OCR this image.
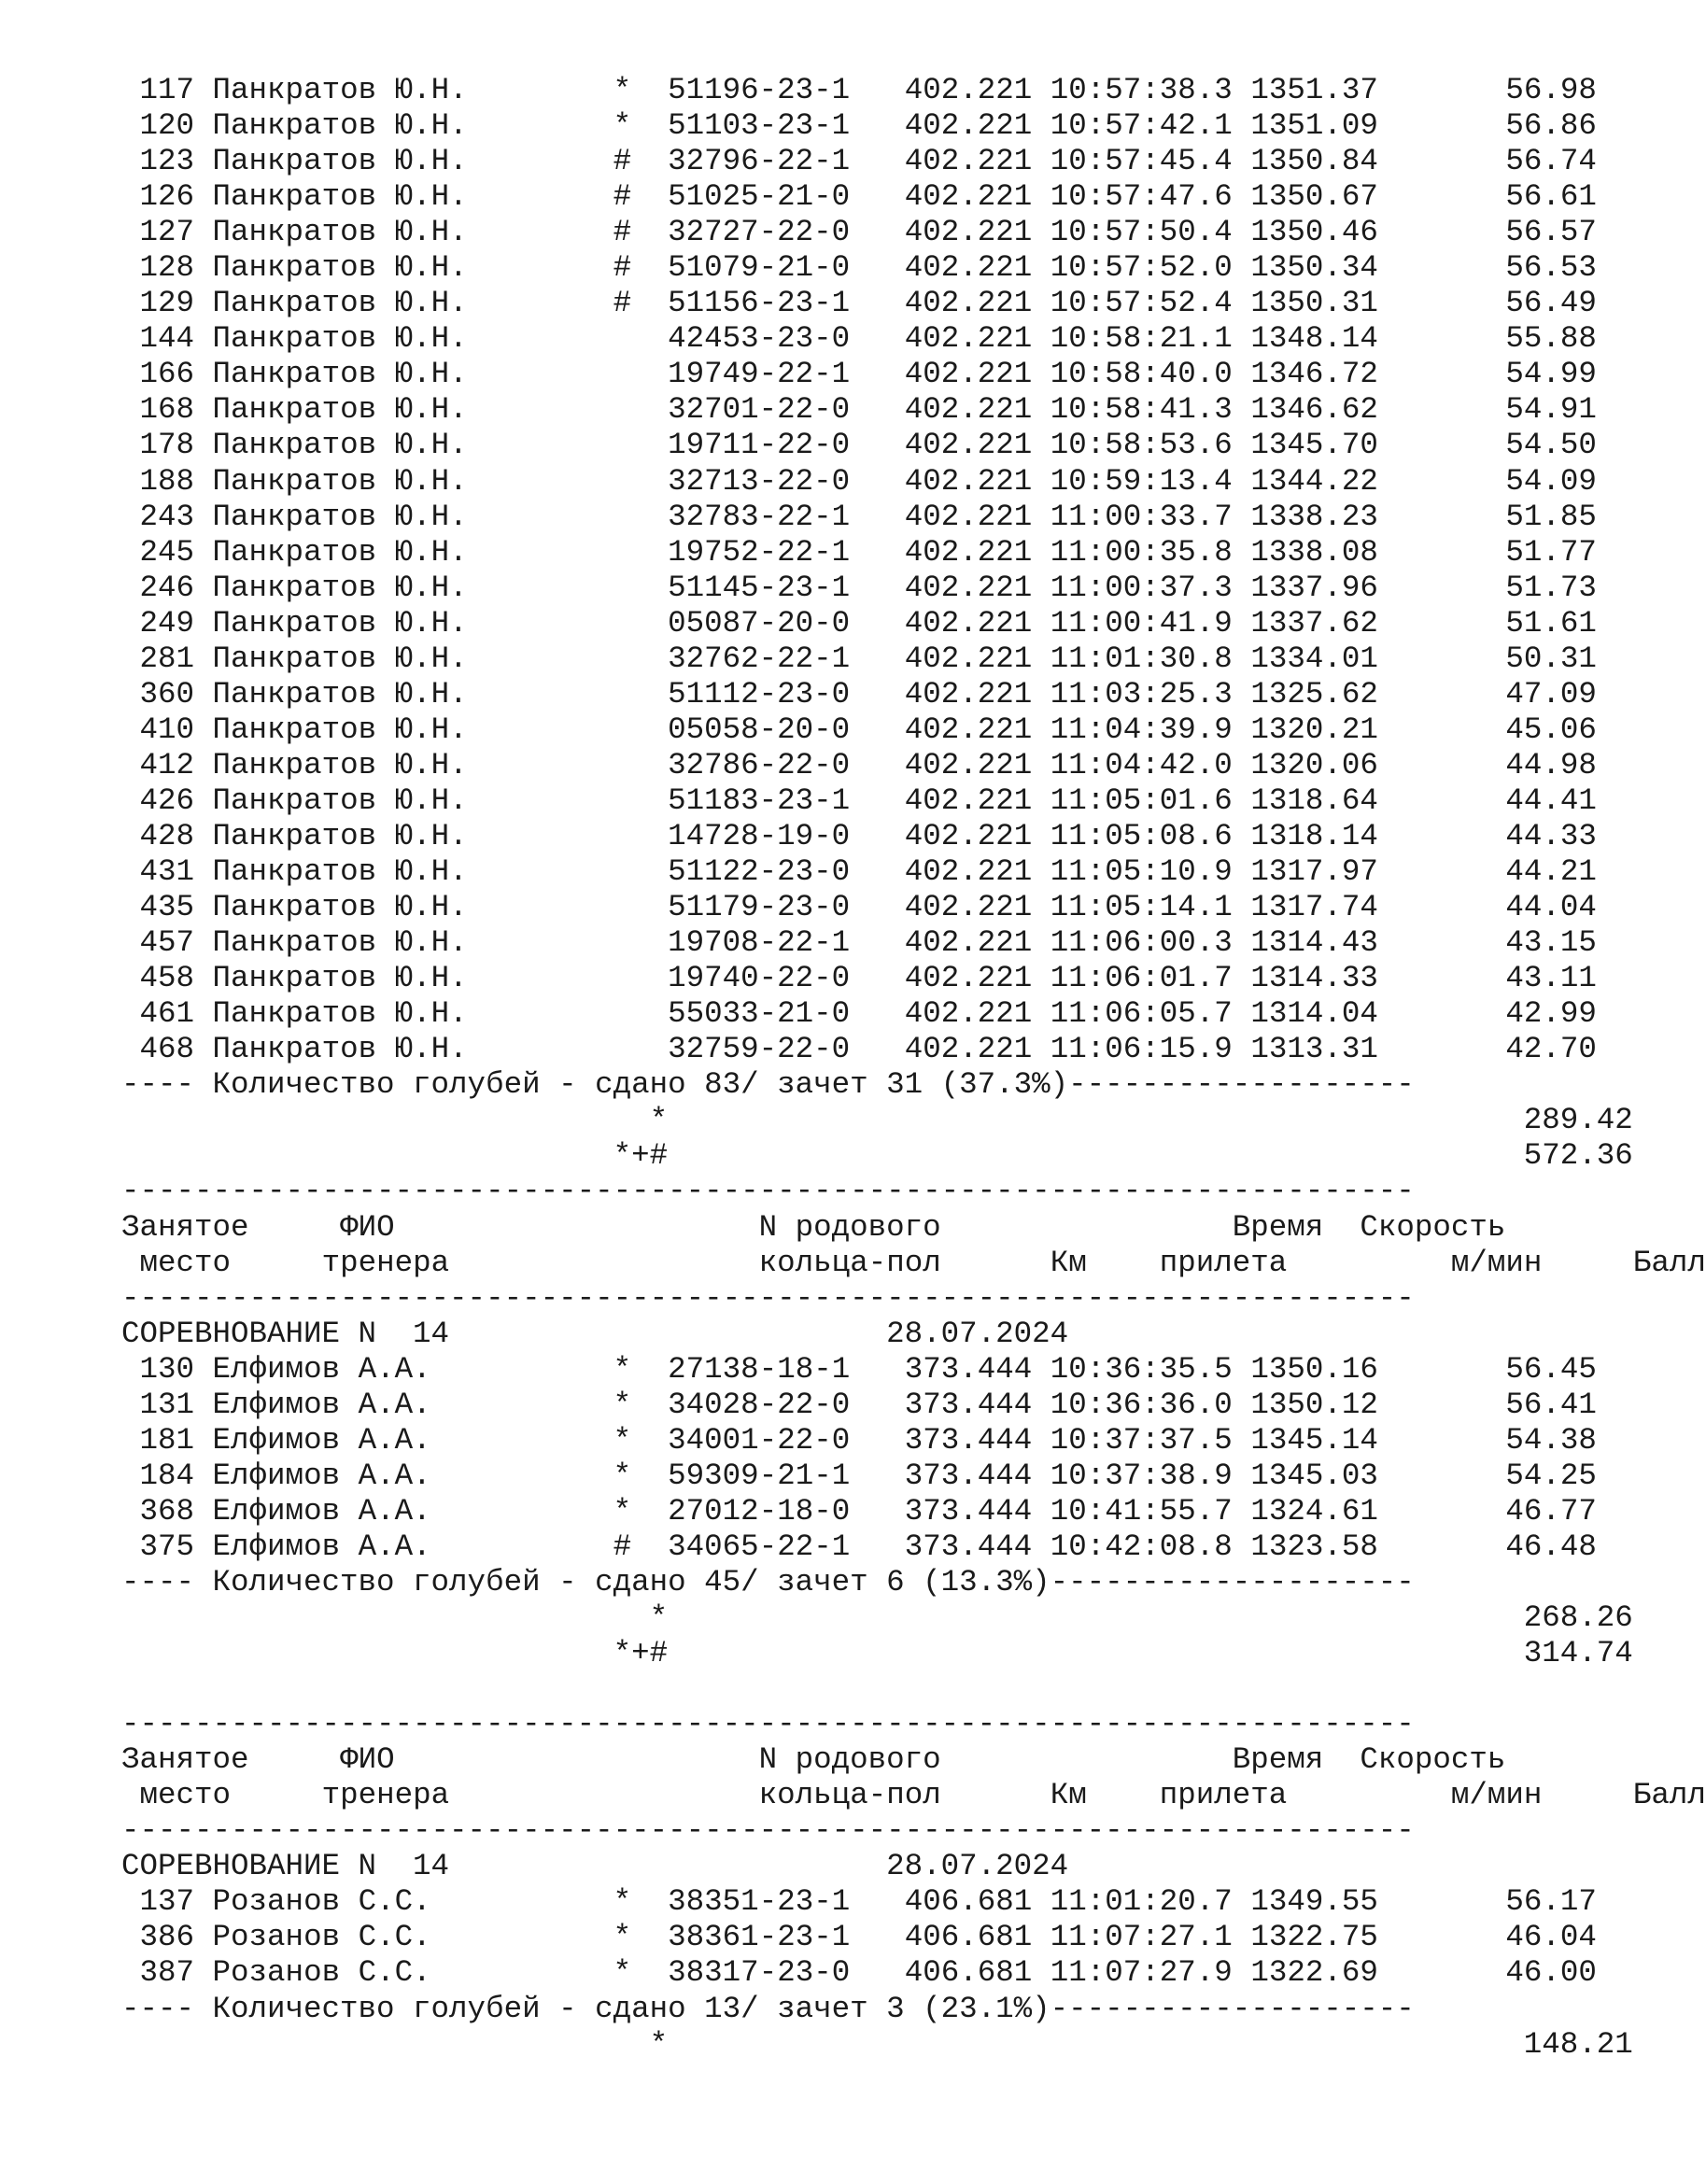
117 Панкратов Ю.Н.	* 51196-23-1 402.221 10:57:38.3 1351.37	56.98
120 Панкратов Ю.Н.	* 51103-23-1 402.221 10:57:42.1 1351.09	56.86
123 Панкратов Ю.Н.	# 32796-22-1 402.221 10:57:45.4 1350.84	56.74
126 Панкратов Ю.Н.	# 51025-21-0 402.221 10:57:47.6 1350.67	56.61
127 Панкратов Ю.Н.	# 32727-22-0 402.221 10:57:50.4 1350.46	56.57
128 Панкратов Ю.Н.	# 51079-21-0 402.221 10:57:52.0 1350.34	56.53
129 Панкратов Ю.Н.	# 51156-23-1 402.221 10:57:52.4 1350.31	56.49
144 Панкратов Ю.Н.	42453-23-0 402.221 10:58:21.1 1348.14	55.88
166 Панкратов Ю.Н.	19749-22-1 402.221 10:58:40.0 1346.72	54.99
168 Панкратов Ю.Н.	32701-22-0 402.221 10:58:41.3 1346.62	54.91
178 Панкратов Ю.Н.	19711-22-0 402.221 10:58:53.6 1345.70	54.50
188 Панкратов Ю.Н.	32713-22-0 402.221 10:59:13.4 1344.22	54.09
243 Панкратов Ю.Н.	32783-22-1 402.221 11:00:33.7 1338.23	51.85
245 Панкратов Ю.Н.	19752-22-1 402.221 11:00:35.8 1338.08	51.77
246 Панкратов Ю.Н.	51145-23-1 402.221 11:00:37.3 1337.96	51.73
249 Панкратов Ю.Н.	05087-20-0 402.221 11:00:41.9 1337.62	51.61
281 Панкратов Ю.Н.	32762-22-1 402.221 11:01:30.8 1334.01	50.31
360 Панкратов Ю.Н.	51112-23-0 402.221 11:03:25.3 1325.62	47.09
410 Панкратов Ю.Н.	05058-20-0 402.221 11:04:39.9 1320.21	45.06
412 Панкратов Ю.Н.	32786-22-0 402.221 11:04:42.0 1320.06	44.98
426 Панкратов Ю.Н.	51183-23-1 402.221 11:05:01.6 1318.64	44.41
428 Панкратов Ю.Н.	14728-19-0 402.221 11:05:08.6 1318.14	44.33
431 Панкратов Ю.Н.	51122-23-0 402.221 11:05:10.9 1317.97	44.21
435 Панкратов Ю.Н.	51179-23-0 402.221 11:05:14.1 1317.74	44.04
457 Панкратов Ю.Н.	19708-22-1 402.221 11:06:00.3 1314.43	43.15
458 Панкратов Ю.Н.	19740-22-0 402.221 11:06:01.7 1314.33	43.11
461 Панкратов Ю.Н.	55033-21-0 402.221 11:06:05.7 1314.04	42.99
468 Панкратов Ю.Н.	32759-22-0 402.221 11:06:15.9 1313.31	42.70
---- Количество голубей - сдано 83/ зачет 31 (37.3%)-------------------
*	289.42
*+#	572.36
-----------------------------------------------------------------------
Занятое	ФИО	N родового	Время Скорость
место	тренера	кольца-пол	Км прилета	м/мин	Балл
-----------------------------------------------------------------------
СОРЕВНОВАНИЕ N  14	28.07.2024
130 Елфимов А.А.	* 27138-18-1 373.444 10:36:35.5 1350.16	56.45
131 Елфимов А.А.	* 34028-22-0 373.444 10:36:36.0 1350.12	56.41
181 Елфимов А.А.	* 34001-22-0 373.444 10:37:37.5 1345.14	54.38
184 Елфимов А.А.	* 59309-21-1 373.444 10:37:38.9 1345.03	54.25
368 Елфимов А.А.	* 27012-18-0 373.444 10:41:55.7 1324.61	46.77
375 Елфимов А.А.	# 34065-22-1 373.444 10:42:08.8 1323.58	46.48
---- Количество голубей - сдано 45/ зачет 6 (13.3%)--------------------
*	268.26
*+#	314.74
-----------------------------------------------------------------------
Занятое	ФИО	N родового	Время Скорость
место	тренера	кольца-пол	Км прилета	м/мин	Балл
-----------------------------------------------------------------------
СОРЕВНОВАНИЕ N  14	28.07.2024
137 Розанов С.С.	* 38351-23-1 406.681 11:01:20.7 1349.55	56.17
386 Розанов С.С.	* 38361-23-1 406.681 11:07:27.1 1322.75	46.04
387 Розанов С.С.	* 38317-23-0 406.681 11:07:27.9 1322.69	46.00
---- Количество голубей - сдано 13/ зачет 3 (23.1%)--------------------
*	148.21
